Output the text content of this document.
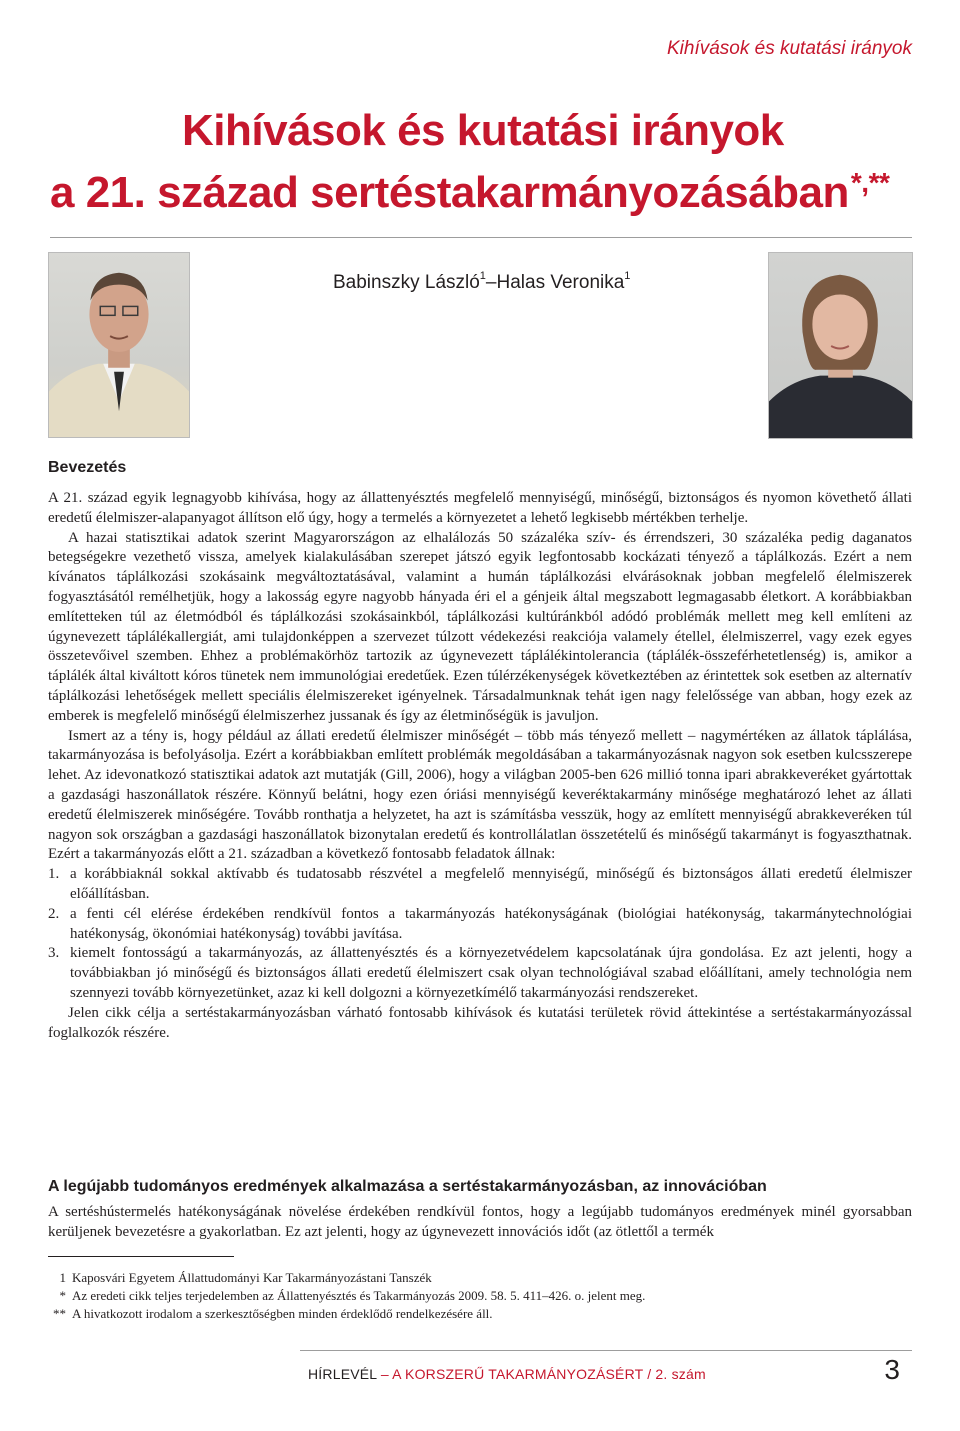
Kihívások és kutatási irányok
Kihívások és kutatási irányok
a 21. század sertéstakarmányozásában*,**
Babinszky László$^1$–Halas Veronika$^1$
Bevezetés

A 21. század egyik legnagyobb kihívása, hogy az állattenyésztés megfelelő mennyiségű, minőségű, biztonságos és nyomon követhető állati eredetű élelmiszer-alapanyagot állítson elő úgy, hogy a termelés a környezetet a lehető legkisebb mértékben terhelje.

A hazai statisztikai adatok szerint Magyarországon az elhalálozás 50 százaléka szív- és érrendszeri, 30 százaléka pedig daganatos betegségekre vezethető vissza, amelyek kialakulásában szerepet játszó egyik legfontosabb kockázati tényező a táplálkozás. Ezért a nem kívánatos táplálkozási szokásaink megváltoztatásával, valamint a humán táplálkozási elvárásoknak jobban megfelelő élelmiszerek fogyasztásától remélhetjük, hogy a lakosság egyre nagyobb hányada éri el a génjeik által megszabott legmagasabb életkort. A korábbiakban említetteken túl az életmódból és táplálkozási szokásainkból, táplálkozási kultúránkból adódó problémák mellett meg kell említeni az úgynevezett táplálékallergiát, ami tulajdonképpen a szervezet túlzott védekezési reakciója valamely étellel, élelmiszerrel, vagy ezek egyes összetevőivel szemben. Ehhez a problémakörhöz tartozik az úgynevezett táplálékintolerancia (táplálék-összeférhetetlenség) is, amikor a táplálék által kiváltott kóros tünetek nem immunológiai eredetűek. Ezen túlérzékenységek következtében az érintettek sok esetben az alternatív táplálkozási lehetőségek mellett speciális élelmiszereket igényelnek. Társadalmunknak tehát igen nagy felelőssége van abban, hogy ezek az emberek is megfelelő minőségű élelmiszerhez jussanak és így az életminőségük is javuljon.

Ismert az a tény is, hogy például az állati eredetű élelmiszer minőségét – több más tényező mellett – nagymértéken az állatok táplálása, takarmányozása is befolyásolja. Ezért a korábbiakban említett problémák megoldásában a takarmányozásnak nagyon sok esetben kulcsszerepe lehet. Az idevonatkozó statisztikai adatok azt mutatják (Gill, 2006), hogy a világban 2005-ben 626 millió tonna ipari abrakkeveréket gyártottak a gazdasági haszonállatok részére. Könnyű belátni, hogy ezen óriási mennyiségű keveréktakarmány minősége meghatározó lehet az állati eredetű élelmiszerek minőségére. Tovább ronthatja a helyzetet, ha azt is számításba vesszük, hogy az említett mennyiségű abrakkeveréken túl nagyon sok országban a gazdasági haszonállatok bizonytalan eredetű és kontrollálatlan összetételű és minőségű takarmányt is fogyaszthatnak. Ezért a takarmányozás előtt a 21. században a következő fontosabb feladatok állnak:

1. a korábbiaknál sokkal aktívabb és tudatosabb részvétel a megfelelő mennyiségű, minőségű és biztonságos állati eredetű élelmiszer előállításban.
2. a fenti cél elérése érdekében rendkívül fontos a takarmányozás hatékonyságának (biológiai hatékonyság, takarmánytechnológiai hatékonyság, ökonómiai hatékonyság) további javítása.
3. kiemelt fontosságú a takarmányozás, az állattenyésztés és a környezetvédelem kapcsolatának újra gondolása. Ez azt jelenti, hogy a továbbiakban jó minőségű és biztonságos állati eredetű élelmiszert csak olyan technológiával szabad előállítani, amely technológia nem szennyezi tovább környezetünket, azaz ki kell dolgozni a környezetkímélő takarmányozási rendszereket.

Jelen cikk célja a sertéstakarmányozásban várható fontosabb kihívások és kutatási területek rövid áttekintése a sertéstakarmányozással foglalkozók részére.

A legújabb tudományos eredmények alkalmazása a sertéstakarmányozásban, az innovációban

A sertéshústermelés hatékonyságának növelése érdekében rendkívül fontos, hogy a legújabb tudományos eredmények minél gyorsabban kerüljenek bevezetésre a gyakorlatban. Ez azt jelenti, hogy az úgynevezett innovációs időt (az ötlettől a termék

1 Kaposvári Egyetem Állattudományi Kar Takarmányozástani Tanszék
* Az eredeti cikk teljes terjedelemben az Állattenyésztés és Takarmányozás 2009. 58. 5. 411–426. o. jelent meg.
** A hivatkozott irodalom a szerkesztőségben minden érdeklődő rendelkezésére áll.
HÍRLEVÉL – A KORSZERŰ TAKARMÁNYOZÁSÉRT / 2. szám	3
